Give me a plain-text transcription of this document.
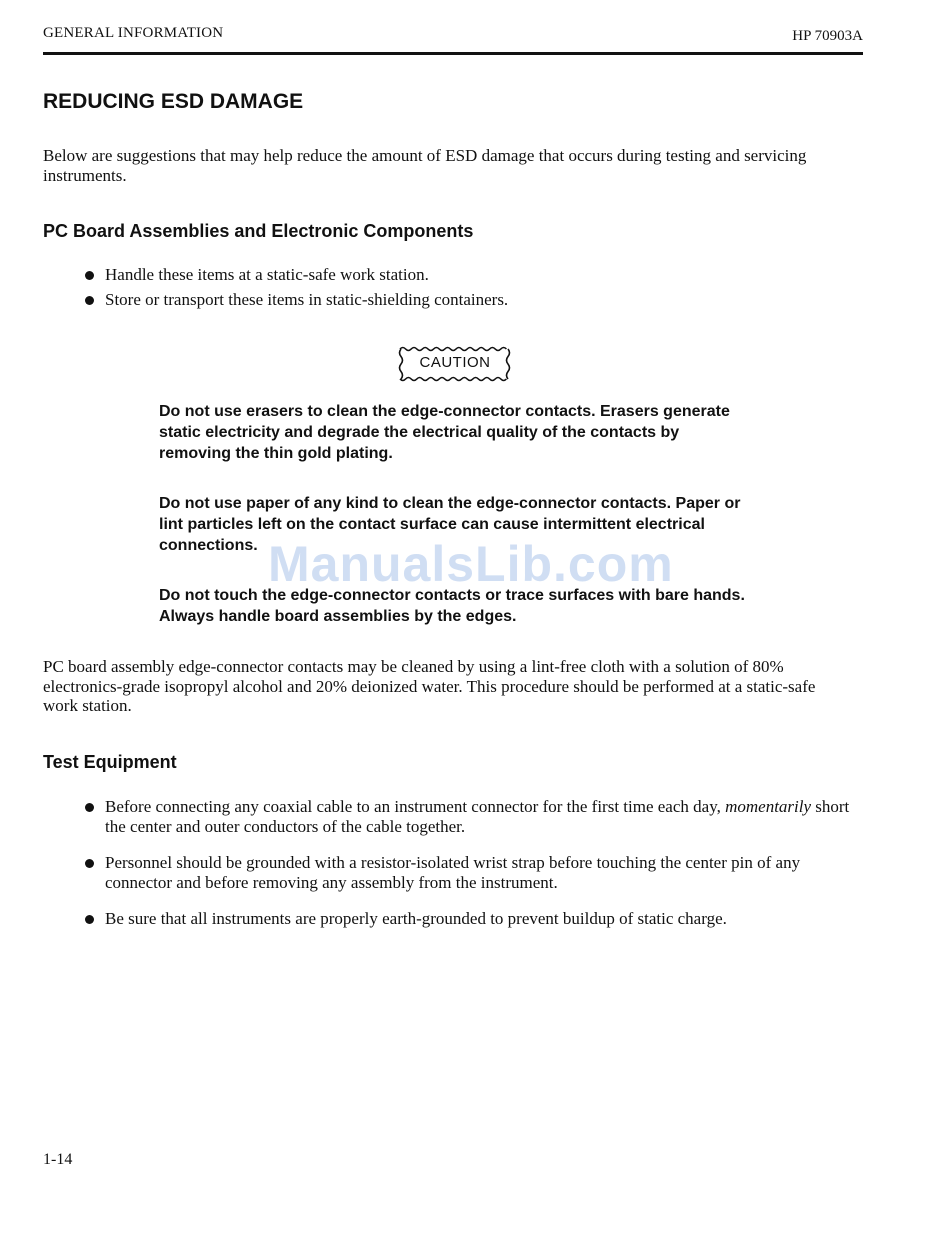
GENERAL INFORMATION	HP 70903A
REDUCING ESD DAMAGE

Below are suggestions that may help reduce the amount of ESD damage that occurs during testing and servicing instruments.

PC Board Assemblies and Electronic Components
Handle these items at a static-safe work station.
Store or transport these items in static-shielding containers.
CAUTION

Do not use erasers to clean the edge-connector contacts. Erasers generate static electricity and degrade the electrical quality of the contacts by removing the thin gold plating.

Do not use paper of any kind to clean the edge-connector contacts. Paper or lint particles left on the contact surface can cause intermittent electrical connections.

Do not touch the edge-connector contacts or trace surfaces with bare hands. Always handle board assemblies by the edges.

ManualsLib.com

PC board assembly edge-connector contacts may be cleaned by using a lint-free cloth with a solution of 80% electronics-grade isopropyl alcohol and 20% deionized water. This procedure should be performed at a static-safe work station.

Test Equipment
Before connecting any coaxial cable to an instrument connector for the first time each day, momentarily short the center and outer conductors of the cable together.
Personnel should be grounded with a resistor-isolated wrist strap before touching the center pin of any connector and before removing any assembly from the instrument.
Be sure that all instruments are properly earth-grounded to prevent buildup of static charge.
1-14
